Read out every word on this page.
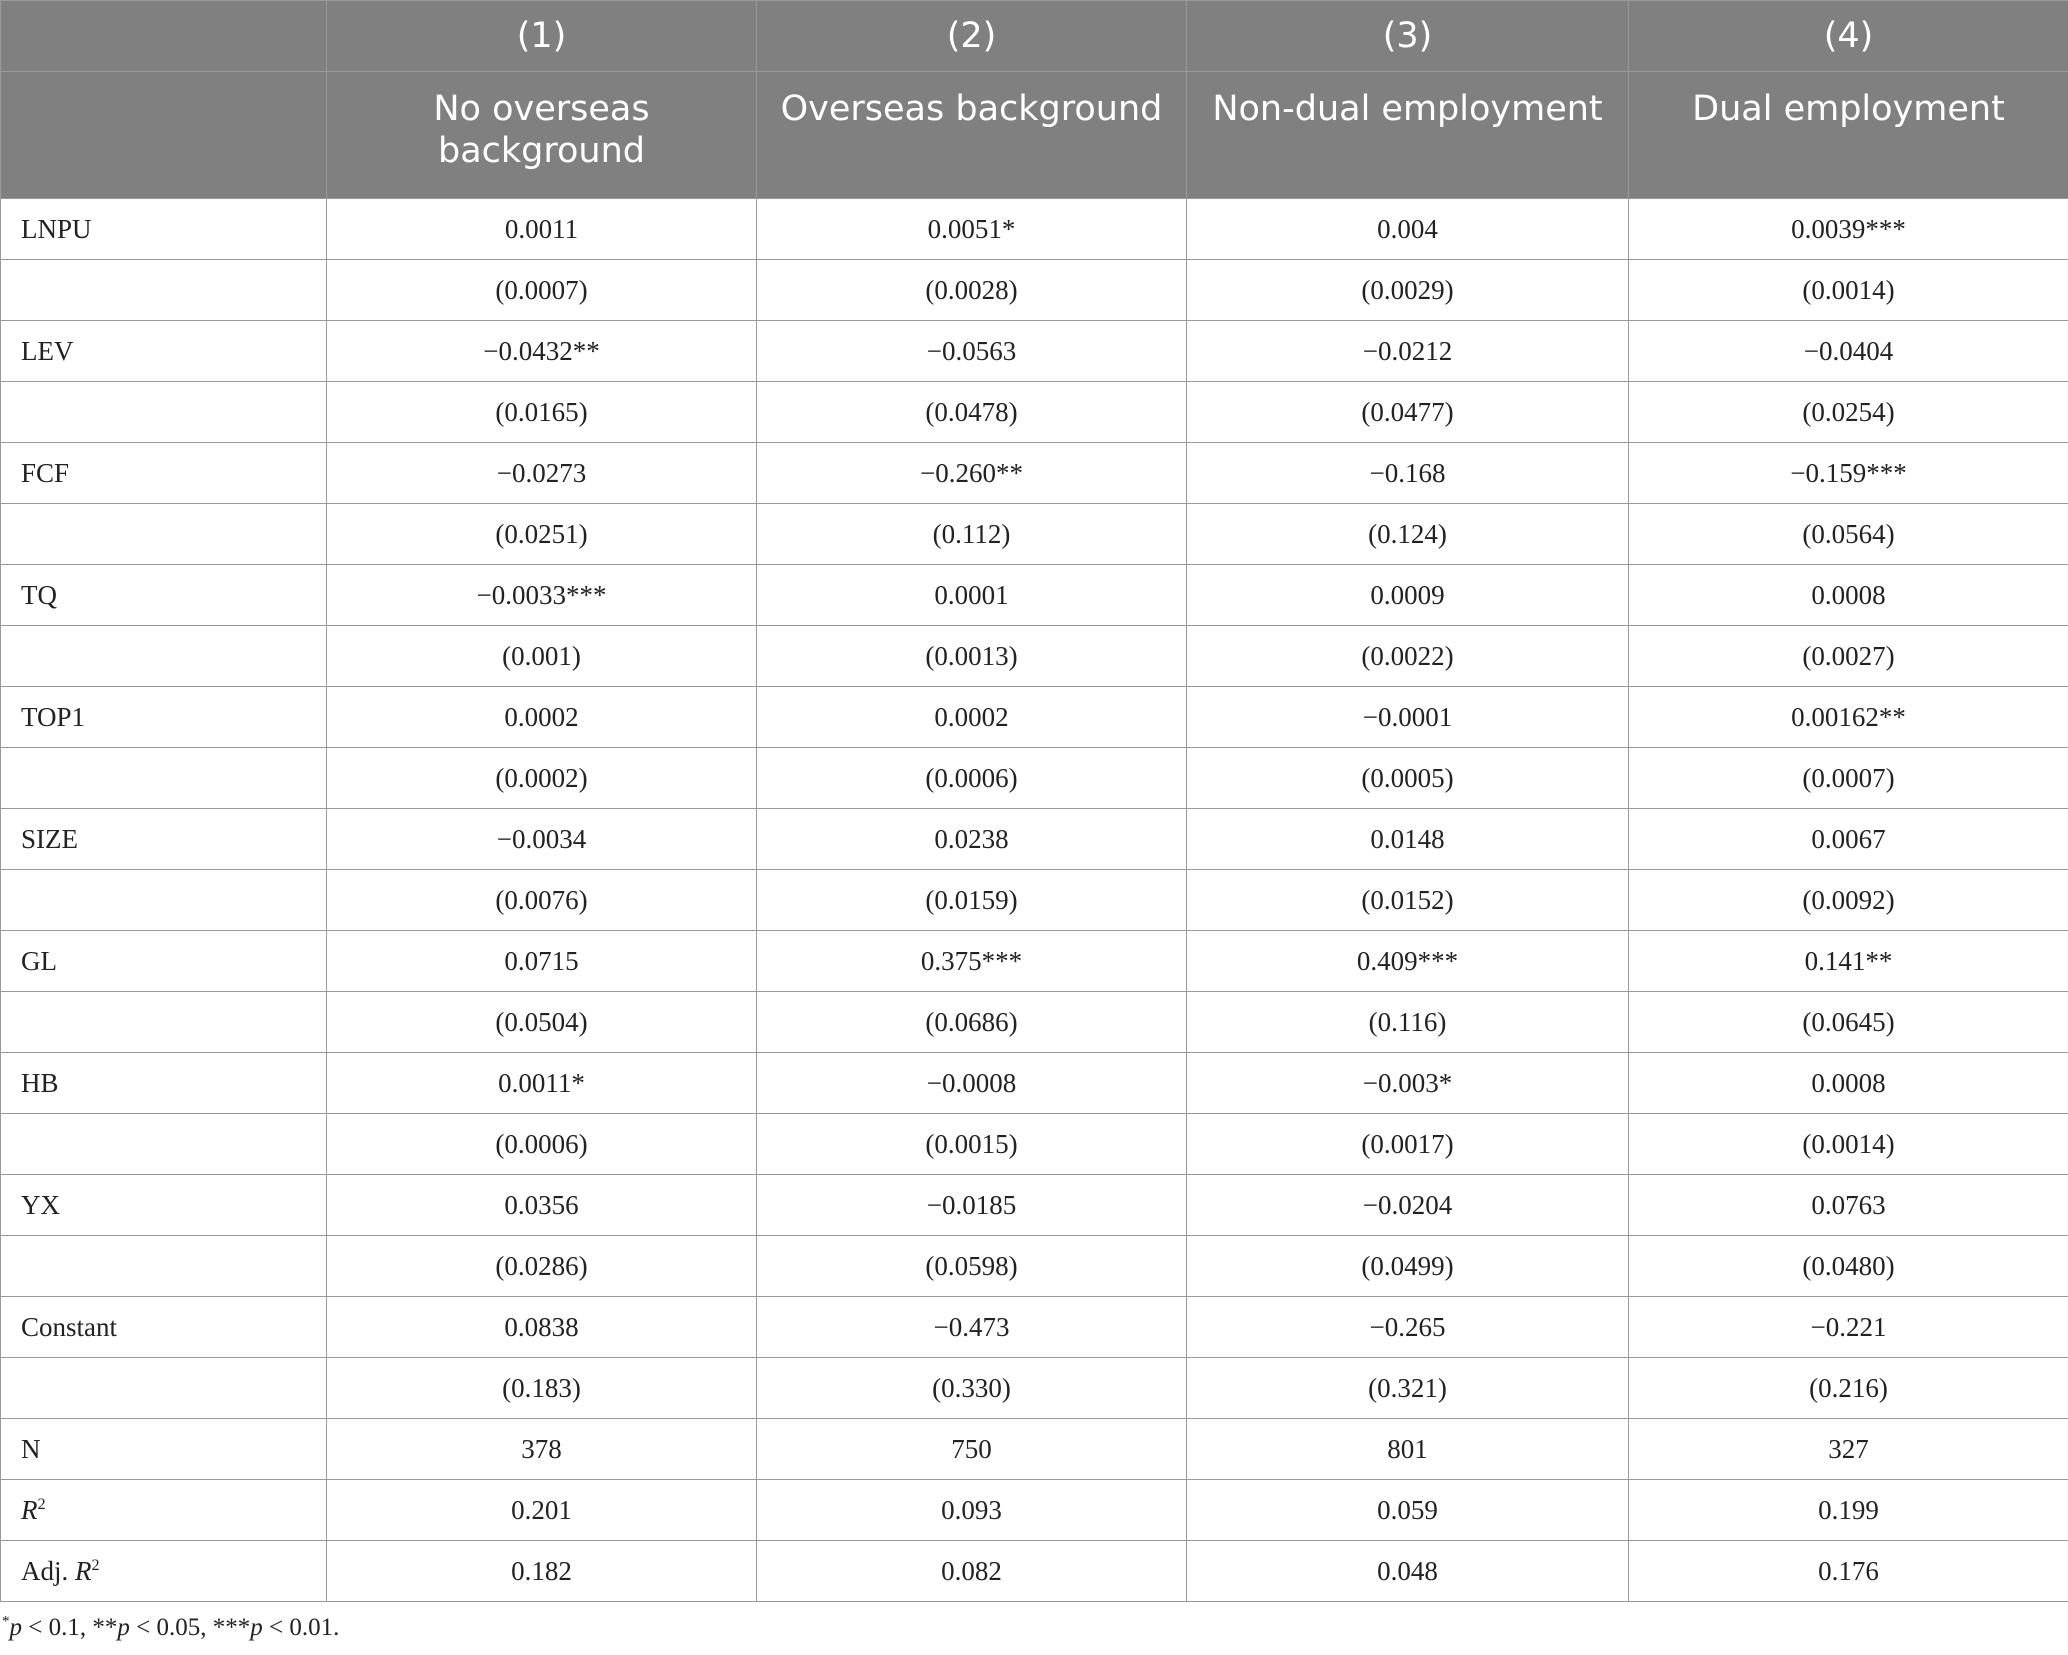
	(1)	(2)	(3)	(4)
	No overseas background	Overseas background	Non-dual employment	Dual employment
LNPU	0.0011	0.0051*	0.004	0.0039***
	(0.0007)	(0.0028)	(0.0029)	(0.0014)
LEV	−0.0432**	−0.0563	−0.0212	−0.0404
	(0.0165)	(0.0478)	(0.0477)	(0.0254)
FCF	−0.0273	−0.260**	−0.168	−0.159***
	(0.0251)	(0.112)	(0.124)	(0.0564)
TQ	−0.0033***	0.0001	0.0009	0.0008
	(0.001)	(0.0013)	(0.0022)	(0.0027)
TOP1	0.0002	0.0002	−0.0001	0.00162**
	(0.0002)	(0.0006)	(0.0005)	(0.0007)
SIZE	−0.0034	0.0238	0.0148	0.0067
	(0.0076)	(0.0159)	(0.0152)	(0.0092)
GL	0.0715	0.375***	0.409***	0.141**
	(0.0504)	(0.0686)	(0.116)	(0.0645)
HB	0.0011*	−0.0008	−0.003*	0.0008
	(0.0006)	(0.0015)	(0.0017)	(0.0014)
YX	0.0356	−0.0185	−0.0204	0.0763
	(0.0286)	(0.0598)	(0.0499)	(0.0480)
Constant	0.0838	−0.473	−0.265	−0.221
	(0.183)	(0.330)	(0.321)	(0.216)
N	378	750	801	327
$R^2$	0.201	0.093	0.059	0.199
Adj. $R^2$	0.182	0.082	0.048	0.176
*p < 0.1, **p < 0.05, ***p < 0.01.
